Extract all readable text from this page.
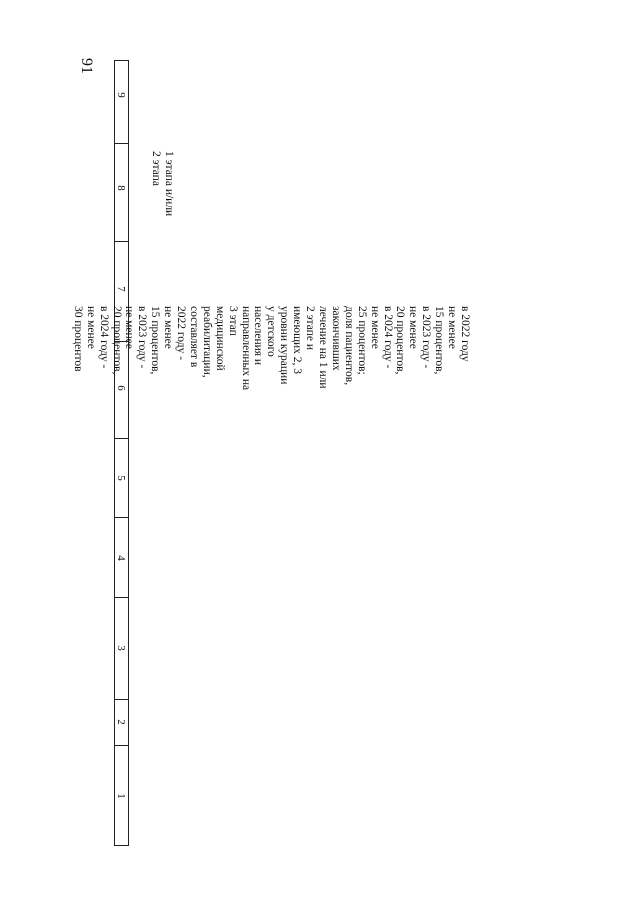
91
9
8
7
6
5
4
3
2
1
в 2022 году
не менее
15 процентов,
в 2023 году -
не менее
20 процентов,
в 2024 году -
не менее
25 процентов;
доля пациентов,
закончивших
лечение на 1 или
2 этапе и
имеющих 2, 3
уровни курации
у детского
населения и
направленных на
3 этап
медицинской
реабилитации,
составляет в
2022 году -
не менее
15 процентов,
в 2023 году -
не менее
20 процентов,
в 2024 году -
не менее
30 процентов
1 этапа и/или
2 этапа
